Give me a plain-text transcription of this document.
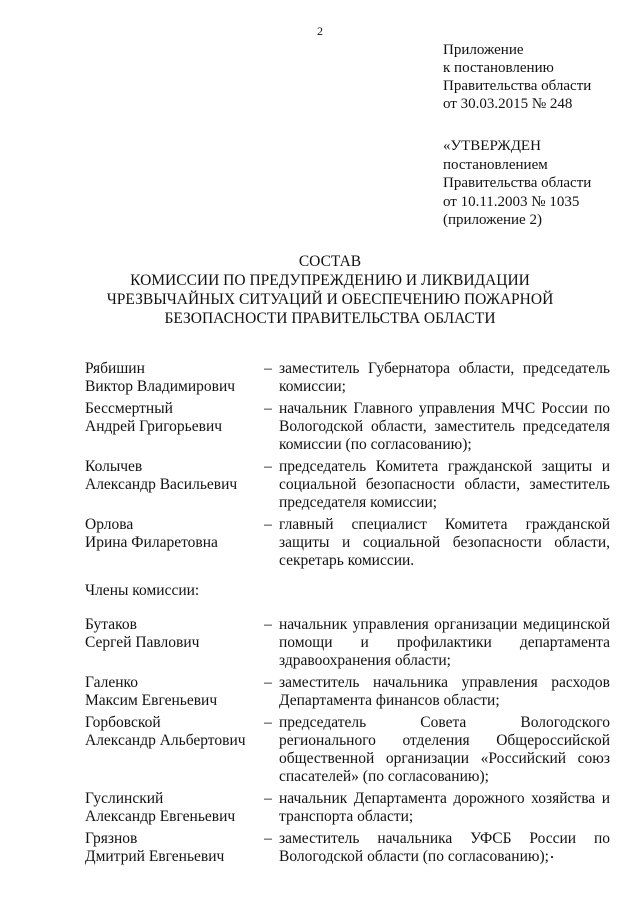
2
Приложение
к постановлению
Правительства области
от 30.03.2015 № 248
«УТВЕРЖДЕН
постановлением
Правительства области
от 10.11.2003 № 1035
(приложение 2)
СОСТАВ
КОМИССИИ ПО ПРЕДУПРЕЖДЕНИЮ И ЛИКВИДАЦИИ
ЧРЕЗВЫЧАЙНЫХ СИТУАЦИЙ И ОБЕСПЕЧЕНИЮ ПОЖАРНОЙ
БЕЗОПАСНОСТИ ПРАВИТЕЛЬСТВА ОБЛАСТИ
Рябишин
Виктор Владимирович
– заместитель Губернатора области, председатель комиссии;
Бессмертный
Андрей Григорьевич
– начальник Главного управления МЧС России по Вологодской области, заместитель председателя комиссии (по согласованию);
Колычев
Александр Васильевич
– председатель Комитета гражданской защиты и социальной безопасности области, заместитель председателя комиссии;
Орлова
Ирина Филаретовна
– главный специалист Комитета гражданской защиты и социальной безопасности области, секретарь комиссии.
Члены комиссии:
Бутаков
Сергей Павлович
– начальник управления организации медицинской помощи и профилактики департамента здравоохранения области;
Галенко
Максим Евгеньевич
– заместитель начальника управления расходов Департамента финансов области;
Горбовской
Александр Альбертович
– председатель Совета Вологодского регионального отделения Общероссийской общественной организации «Российский союз спасателей» (по согласованию);
Гуслинский
Александр Евгеньевич
– начальник Департамента дорожного хозяйства и транспорта области;
Грязнов
Дмитрий Евгеньевич
– заместитель начальника УФСБ России по Вологодской области (по согласованию);
